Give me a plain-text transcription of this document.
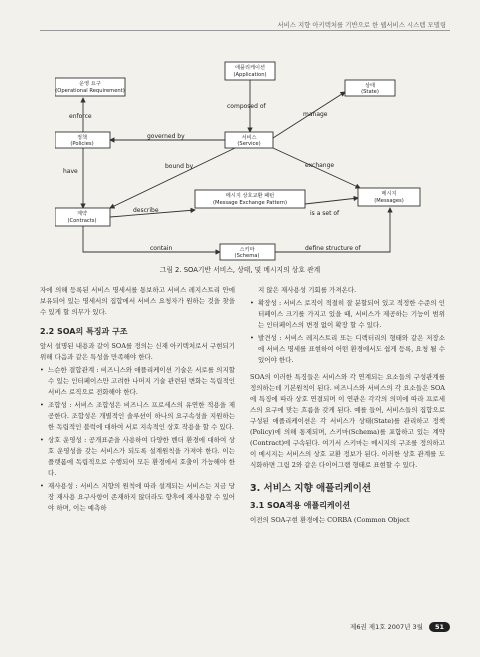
서비스 지향 아키텍처를 기반으로 한 웹서비스 시스템 모델링
운영 요구
(Operational Requirement)
애플리케이션
(Application)
상태
(State)
정책
(Policies)
서비스
(Service)
계약
(Contracts)
메시지 상호교환 패턴
(Message Exchange Pattern)
메시지
(Messages)
스키마
(Schema)
enforce
composed of
manage
governed by
have
bound by	exchange
describe	is a set of
contain	define structure of
그림 2. SOA기반 서비스, 상태, 및 메시지의 상호 관계

자에 의해 등록된 서비스 명세서를 통보하고 서비스 레지스트리 안에 보유되어 있는 명세서의 집합에서 서비스 요청자가 원하는 것을 찾을 수 있게 할 의무가 있다.

2.2 SOA의 특징과 구조

앞서 설명된 내용과 같이 SOA를 정의는 신재 아키텍처로서 구현되기 위해 다음과 같은 특성을 만족해야 한다.

• 느슨한 결합관계 : 비즈니스와 애플리케이션 기술은 서로를 의지할 수 있는 인터페이스만 고려한 나머지 기술 관련된 변화는 독립적인 서비스 로직으로 전화해야 한다.
• 조합성 : 서비스 조합성은 비즈니스 프로세스의 유연한 적용을 제공한다. 조합성은 개별적인 솔루션이 하나의 요구속성을 지원하는 한 독립적인 블럭에 대하여 서로 지속적인 상호 작용을 할 수 있다.
• 상호 운영성 : 공개표준을 사용하여 다양한 벤더 환경에 대하여 상호 운영성을 갖는 서비스가 되도록 설계원칙을 가져야 한다. 이는 플랫폼에 독립적으로 수행되어 모든 환경에서 호출이 가능해야 한다.
• 재사용성 : 서비스 지향의 원칙에 따라 설계되는 서비스는 지금 당장 재사용 요구사항이 존재하지 않더라도 향후에 재사용할 수 있어야 하며, 이는 예측하

지 않은 재사용성 기회를 가져온다.

• 확장성 : 서비스 로직이 적절히 잘 분할되어 있고 적정한 수준의 인터페이스 크기를 가지고 있을 때, 서비스가 제공하는 기능이 범위는 인터페이스의 변경 없이 확장 할 수 있다.
• 발견성 : 서비스 레지스트리 또는 디렉터리의 형태와 같은 저장소에 서비스 명세를 표현하여 어떤 환경에서도 쉽게 등록, 요청 될 수 있어야 한다.

SOA의 이러한 특징들은 서비스와 각 연계되는 요소들의 구성관계를 정의하는데 기본원칙이 된다. 비즈니스와 서비스의 각 요소들은 SOA에 특징에 따라 상호 연결되며 이 연관은 각각의 의미에 따라 프로세스의 요구에 맞는 흐름을 갖게 된다. 예를 들어, 서비스들의 집합으로 구성된 애플리케이션은 각 서비스가 상태(State)를 관리하고 정책(Policy)에 의해 통제되며, 스키마(Schema)를 포함하고 있는 계약(Contract)에 구속된다. 여기서 스키마는 메시지의 구조를 정의하고 이 메시지는 서비스의 상호 교환 정보가 된다. 이러한 상호 관계를 도식화하면 그림 2와 같은 다이어그램 형태로 표현할 수 있다.

3. 서비스 지향 애플리케이션
3.1 SOA적용 애플리케이션

이전의 SOA구현 환경에는 CORBA (Common Object

제6권 제1호 2007년 3월 51
